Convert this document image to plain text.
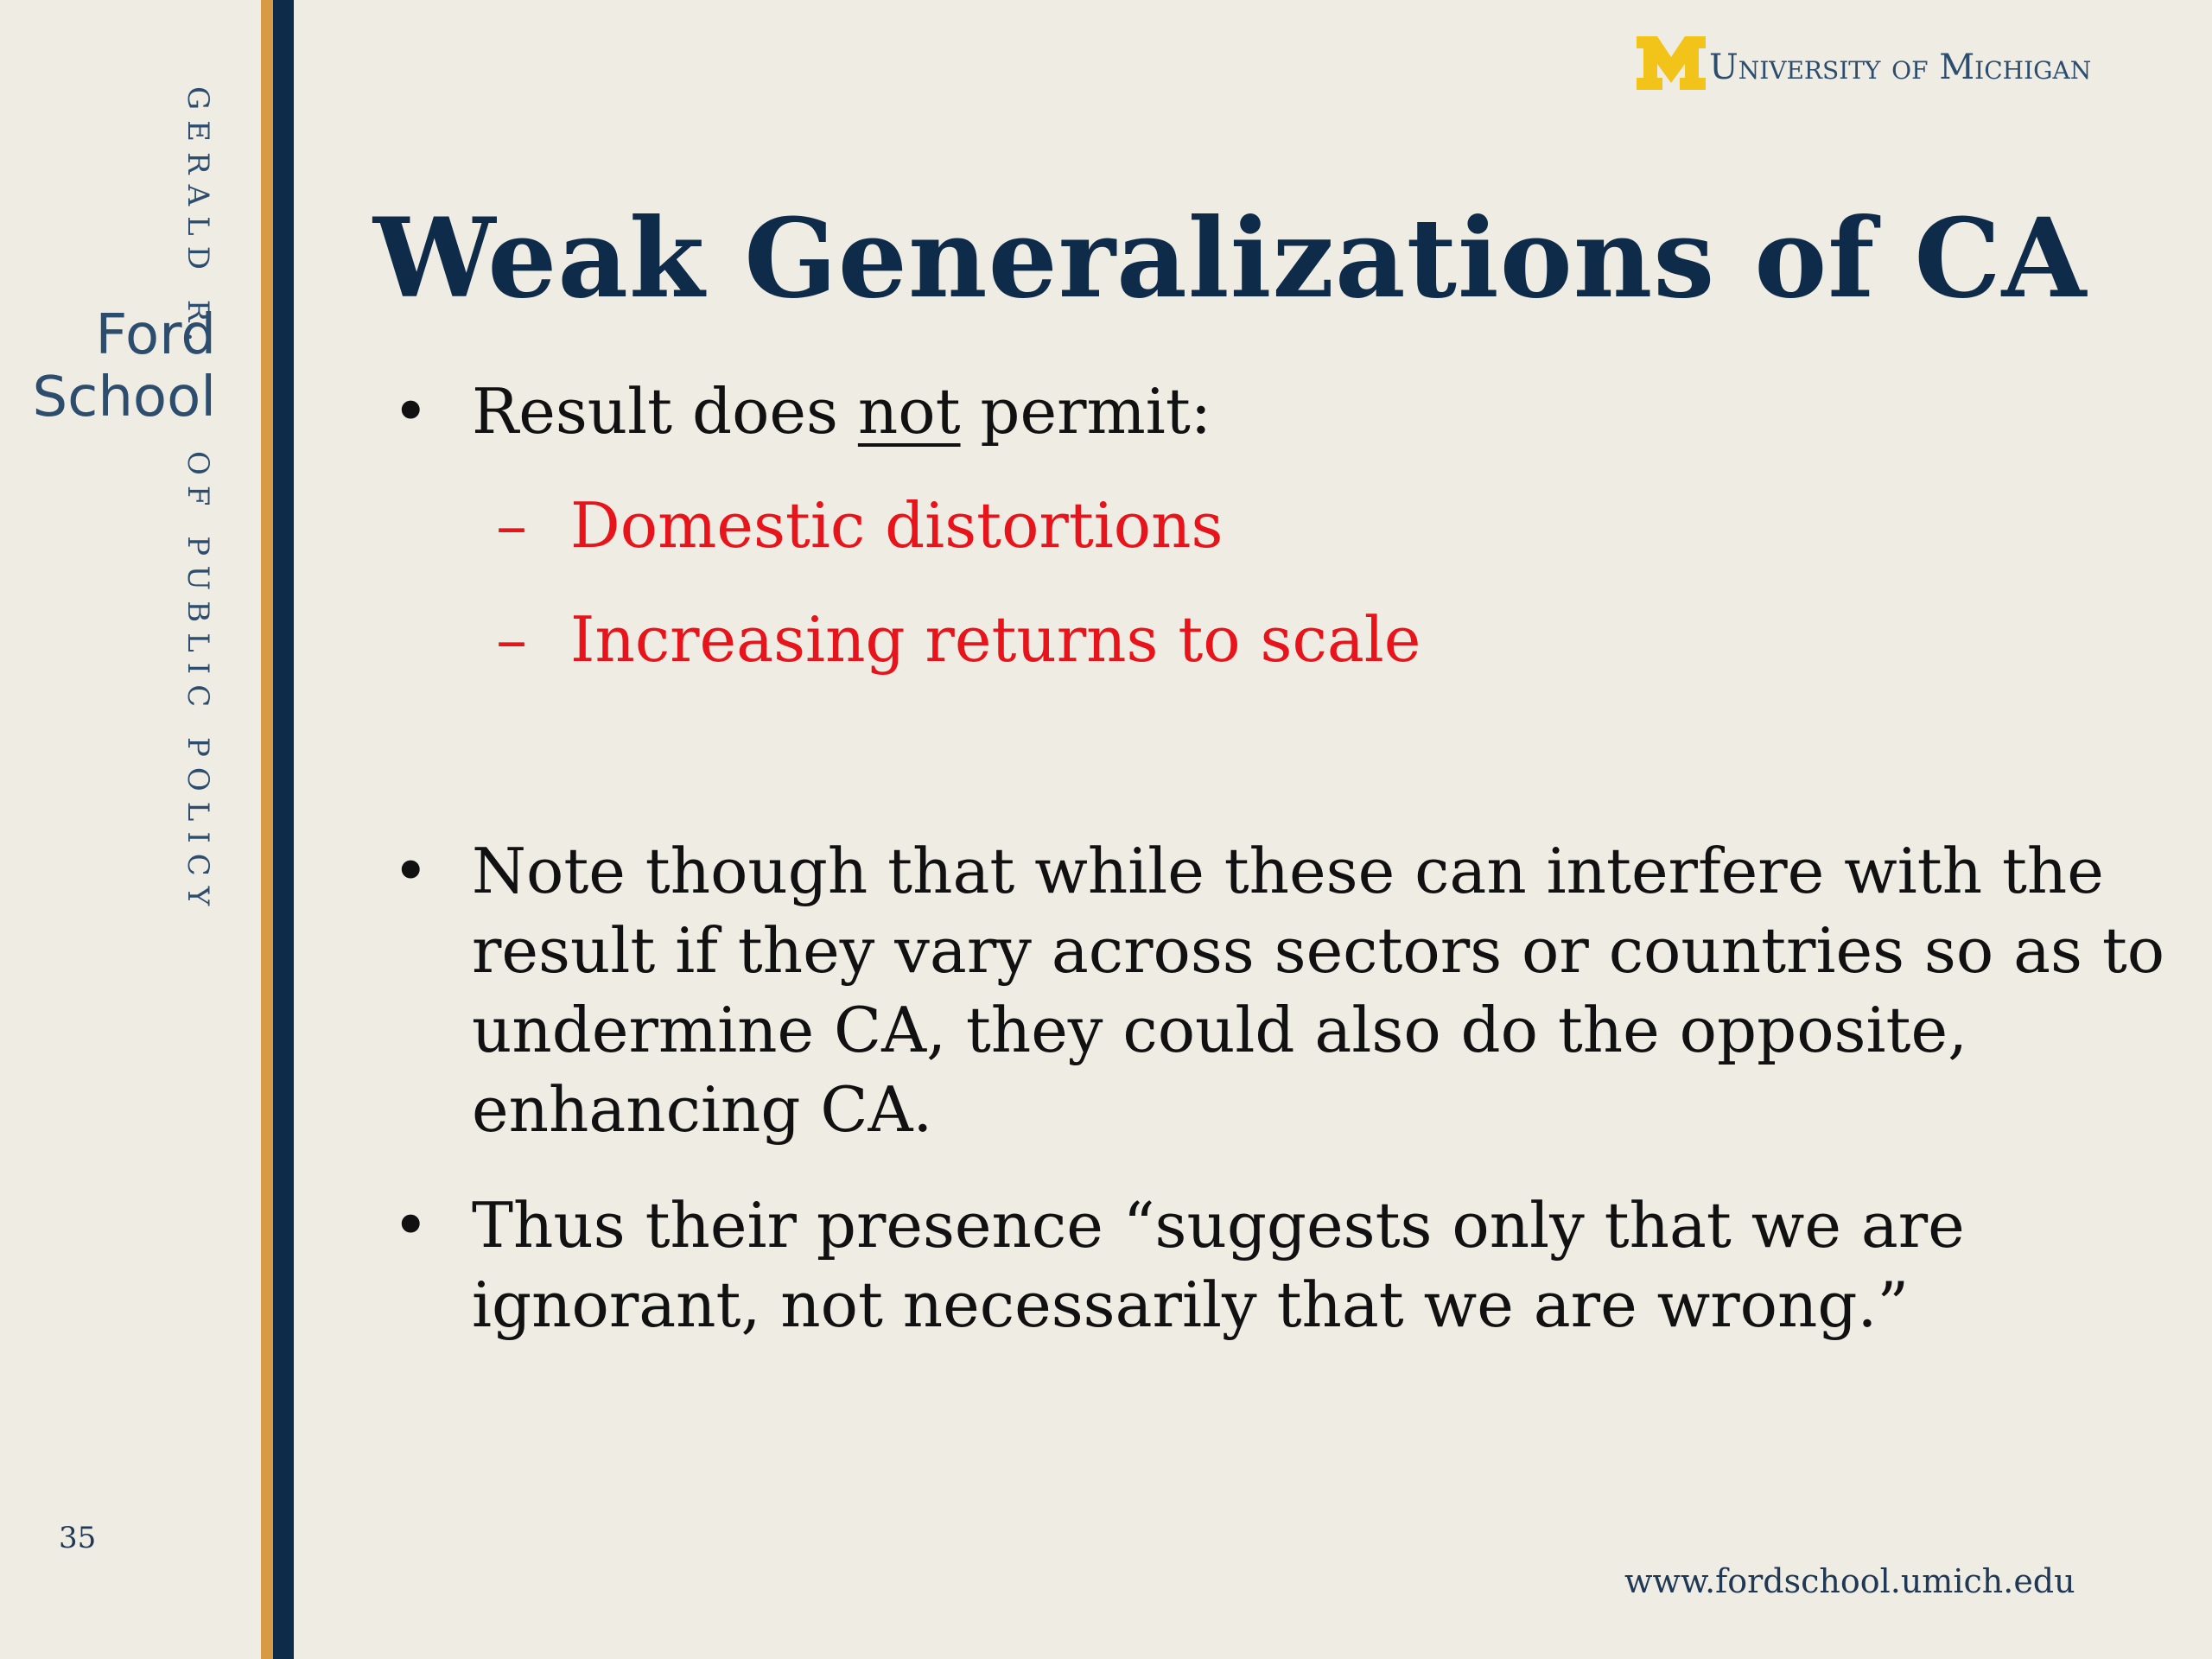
GERALD R.
Ford
School
OF PUBLIC POLICY
35
University of Michigan
Weak Generalizations of CA
• Result does not permit:
– Domestic distortions
– Increasing returns to scale
• Note though that while these can interfere with the result if they vary across sectors or countries so as to undermine CA, they could also do the opposite, enhancing CA.
• Thus their presence “suggests only that we are ignorant, not necessarily that we are wrong.”
www.fordschool.umich.edu
